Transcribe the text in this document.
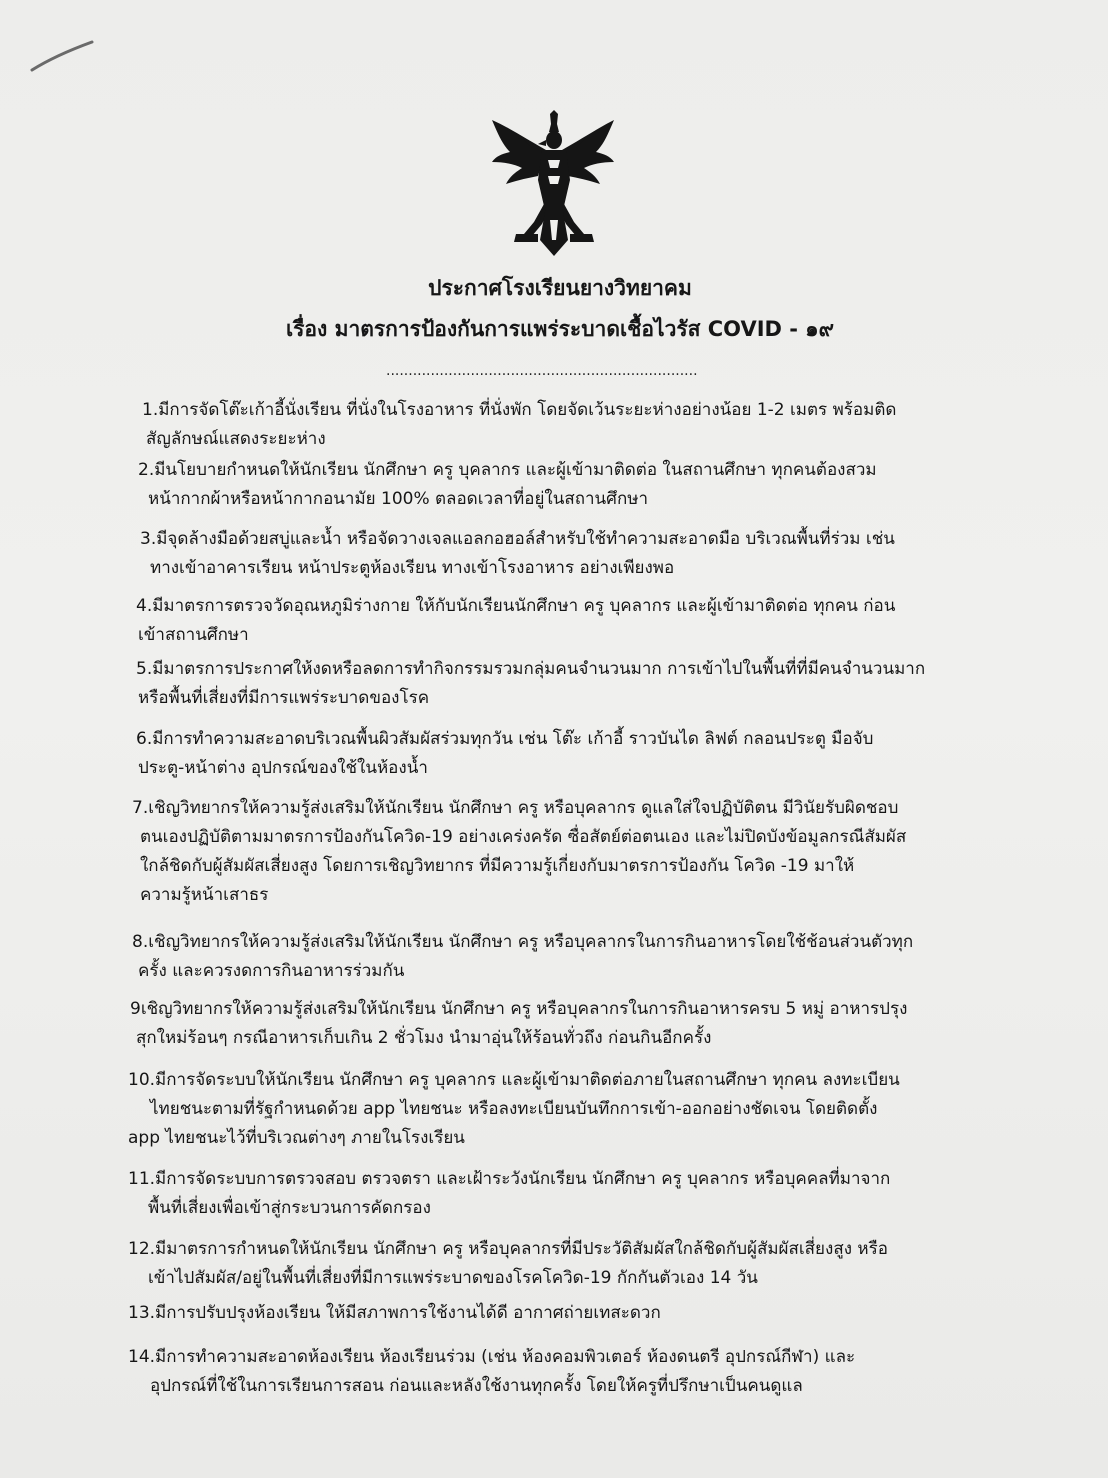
ประกาศโรงเรียนยางวิทยาคม
เรื่อง มาตรการป้องกันการแพร่ระบาดเชื้อไวรัส COVID - ๑๙
......................................................................
1.มีการจัดโต๊ะเก้าอี้นั่งเรียน ที่นั่งในโรงอาหาร ที่นั่งพัก โดยจัดเว้นระยะห่างอย่างน้อย 1-2 เมตร พร้อมติด
สัญลักษณ์แสดงระยะห่าง
2.มีนโยบายกำหนดให้นักเรียน นักศึกษา ครู บุคลากร และผู้เข้ามาติดต่อ ในสถานศึกษา ทุกคนต้องสวม
หน้ากากผ้าหรือหน้ากากอนามัย 100% ตลอดเวลาที่อยู่ในสถานศึกษา
3.มีจุดล้างมือด้วยสบู่และน้ำ หรือจัดวางเจลแอลกอฮอล์สำหรับใช้ทำความสะอาดมือ บริเวณพื้นที่ร่วม เช่น
ทางเข้าอาคารเรียน หน้าประตูห้องเรียน ทางเข้าโรงอาหาร อย่างเพียงพอ
4.มีมาตรการตรวจวัดอุณหภูมิร่างกาย ให้กับนักเรียนนักศึกษา ครู บุคลากร และผู้เข้ามาติดต่อ ทุกคน ก่อน
เข้าสถานศึกษา
5.มีมาตรการประกาศให้งดหรือลดการทำกิจกรรมรวมกลุ่มคนจำนวนมาก การเข้าไปในพื้นที่ที่มีคนจำนวนมาก
หรือพื้นที่เสี่ยงที่มีการแพร่ระบาดของโรค
6.มีการทำความสะอาดบริเวณพื้นผิวสัมผัสร่วมทุกวัน เช่น โต๊ะ เก้าอี้ ราวบันได ลิฟต์ กลอนประตู มือจับ
ประตู-หน้าต่าง อุปกรณ์ของใช้ในห้องน้ำ
7.เชิญวิทยากรให้ความรู้ส่งเสริมให้นักเรียน นักศึกษา ครู หรือบุคลากร ดูแลใส่ใจปฏิบัติตน มีวินัยรับผิดชอบ
ตนเองปฏิบัติตามมาตรการป้องกันโควิด-19 อย่างเคร่งครัด ซื่อสัตย์ต่อตนเอง และไม่ปิดบังข้อมูลกรณีสัมผัส
ใกล้ชิดกับผู้สัมผัสเสี่ยงสูง โดยการเชิญวิทยากร ที่มีความรู้เกี่ยงกับมาตรการป้องกัน โควิด -19 มาให้
ความรู้หน้าเสาธร
8.เชิญวิทยากรให้ความรู้ส่งเสริมให้นักเรียน นักศึกษา ครู หรือบุคลากรในการกินอาหารโดยใช้ช้อนส่วนตัวทุก
ครั้ง และควรงดการกินอาหารร่วมกัน
9เชิญวิทยากรให้ความรู้ส่งเสริมให้นักเรียน นักศึกษา ครู หรือบุคลากรในการกินอาหารครบ 5 หมู่ อาหารปรุง
สุกใหม่ร้อนๆ กรณีอาหารเก็บเกิน 2 ชั่วโมง นำมาอุ่นให้ร้อนทั่วถึง ก่อนกินอีกครั้ง
10.มีการจัดระบบให้นักเรียน นักศึกษา ครู บุคลากร และผู้เข้ามาติดต่อภายในสถานศึกษา ทุกคน ลงทะเบียน
ไทยชนะตามที่รัฐกำหนดด้วย app ไทยชนะ หรือลงทะเบียนบันทึกการเข้า-ออกอย่างชัดเจน โดยติดตั้ง
app ไทยชนะไว้ที่บริเวณต่างๆ ภายในโรงเรียน
11.มีการจัดระบบการตรวจสอบ ตรวจตรา และเฝ้าระวังนักเรียน นักศึกษา ครู บุคลากร หรือบุคคลที่มาจาก
พื้นที่เสี่ยงเพื่อเข้าสู่กระบวนการคัดกรอง
12.มีมาตรการกำหนดให้นักเรียน นักศึกษา ครู หรือบุคลากรที่มีประวัติสัมผัสใกล้ชิดกับผู้สัมผัสเสี่ยงสูง หรือ
เข้าไปสัมผัส/อยู่ในพื้นที่เสี่ยงที่มีการแพร่ระบาดของโรคโควิด-19 กักกันตัวเอง 14 วัน
13.มีการปรับปรุงห้องเรียน ให้มีสภาพการใช้งานได้ดี อากาศถ่ายเทสะดวก
14.มีการทำความสะอาดห้องเรียน ห้องเรียนร่วม (เช่น ห้องคอมพิวเตอร์ ห้องดนตรี อุปกรณ์กีฬา) และ
อุปกรณ์ที่ใช้ในการเรียนการสอน ก่อนและหลังใช้งานทุกครั้ง โดยให้ครูที่ปรึกษาเป็นคนดูแล
